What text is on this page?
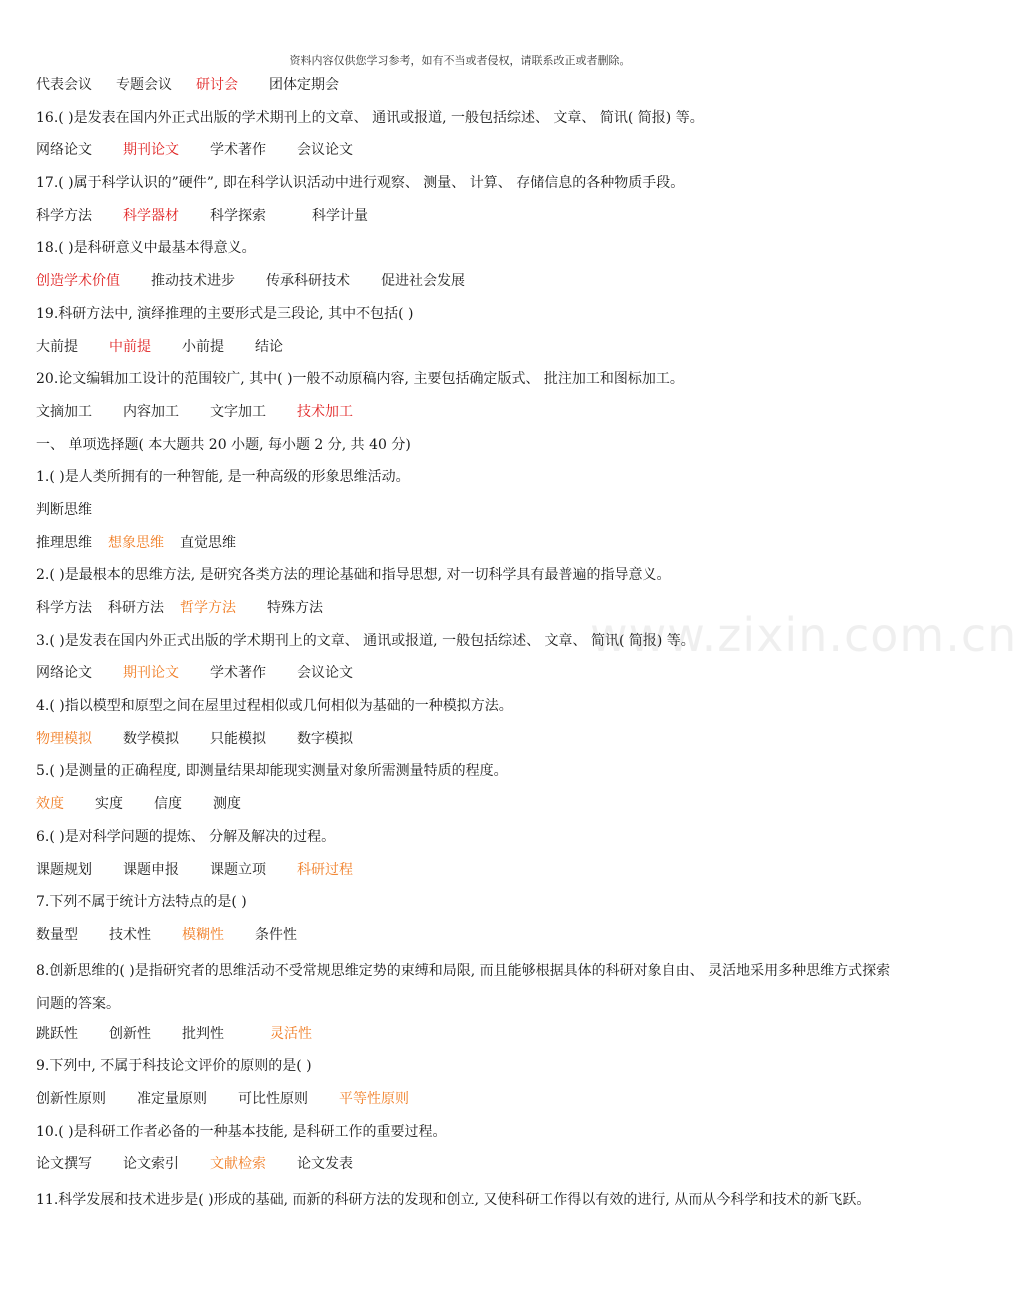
资料内容仅供您学习参考，如有不当或者侵权，请联系改正或者删除。
www.zixin.com.cn
代表会议 专题会议 研讨会 团体定期会
16.( )是发表在国内外正式出版的学术期刊上的文章、 通讯或报道, 一般包括综述、 文章、 简讯( 简报) 等。
网络论文 期刊论文 学术著作 会议论文
17.( )属于科学认识的”硬件”, 即在科学认识活动中进行观察、 测量、 计算、 存储信息的各种物质手段。
科学方法 科学器材 科学探索	科学计量
18.( )是科研意义中最基本得意义。
创造学术价值 推动技术进步 传承科研技术 促进社会发展
19.科研方法中, 演绎推理的主要形式是三段论, 其中不包括( )
大前提 中前提 小前提 结论
20.论文编辑加工设计的范围较广, 其中( )一般不动原稿内容, 主要包括确定版式、 批注加工和图标加工。
文摘加工 内容加工 文字加工 技术加工
一、 单项选择题( 本大题共 20 小题, 每小题 2 分, 共 40 分)
1.( )是人类所拥有的一种智能, 是一种高级的形象思维活动。
判断思维
推理思维 想象思维 直觉思维
2.( )是最根本的思维方法, 是研究各类方法的理论基础和指导思想, 对一切科学具有最普遍的指导意义。
科学方法 科研方法 哲学方法 特殊方法
3.( )是发表在国内外正式出版的学术期刊上的文章、 通讯或报道, 一般包括综述、 文章、 简讯( 简报) 等。
网络论文 期刊论文 学术著作 会议论文
4.( )指以模型和原型之间在屋里过程相似或几何相似为基础的一种模拟方法。
物理模拟 数学模拟 只能模拟 数字模拟
5.( )是测量的正确程度, 即测量结果却能现实测量对象所需测量特质的程度。
效度 实度 信度 测度
6.( )是对科学问题的提炼、 分解及解决的过程。
课题规划 课题申报 课题立项 科研过程
7.下列不属于统计方法特点的是( )
数量型 技术性 模糊性 条件性
8.创新思维的( )是指研究者的思维活动不受常规思维定势的束缚和局限, 而且能够根据具体的科研对象自由、 灵活地采用多种思维方式探索问题的答案。
跳跃性 创新性 批判性	灵活性
9.下列中, 不属于科技论文评价的原则的是( )
创新性原则 准定量原则 可比性原则 平等性原则
10.( )是科研工作者必备的一种基本技能, 是科研工作的重要过程。
论文撰写 论文索引 文献检索 论文发表
11.科学发展和技术进步是( )形成的基础, 而新的科研方法的发现和创立, 又使科研工作得以有效的进行, 从而从今科学和技术的新飞跃。
